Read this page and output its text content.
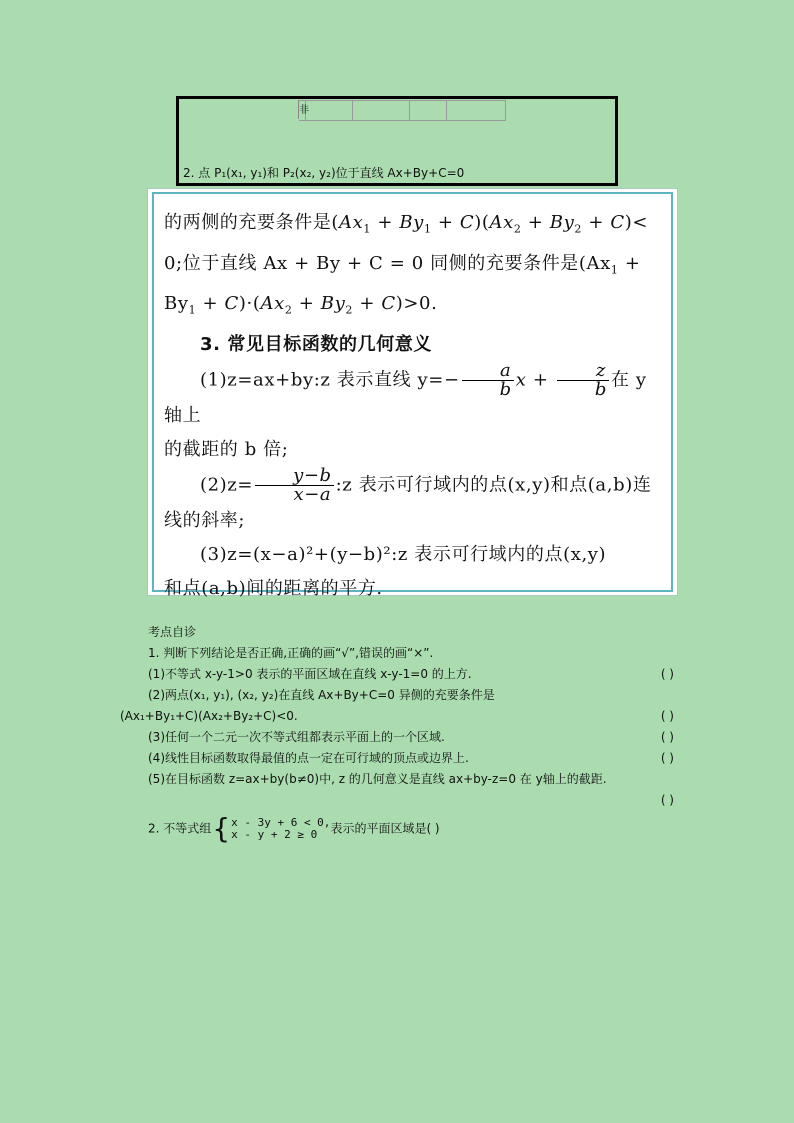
非
2. 点 P₁(x₁, y₁)和 P₂(x₂, y₂)位于直线 Ax+By+C=0

的两侧的充要条件是$(Ax_1 + By_1 + C)(Ax_2 + By_2 + C)< 0$;位于直线 Ax + By + C = 0 同侧的充要条件是$(Ax_1 + By_1 + C)\cdot(Ax_2 + By_2 + C)>0$.

3. 常见目标函数的几何意义

(1)z=ax+by:z 表示直线 $y=- \frac{a}{b}$ $x + \frac{z}{b}$ 在 y 轴上

的截距的 b 倍;

$(2)z= \frac{y-b}{x-a}$ :z 表示可行域内的点(x,y)和点(a,b)连

线的斜率;

(3)z=(x−a)²+(y−b)²:z 表示可行域内的点(x,y)

和点(a,b)间的距离的平方.

考点自诊
1. 判断下列结论是否正确,正确的画“√”,错误的画“×”.
(1)不等式 x-y-1>0 表示的平面区域在直线 x-y-1=0 的上方.	( )
(2)两点(x₁, y₁), (x₂, y₂)在直线 Ax+By+C=0 异侧的充要条件是
(Ax₁+By₁+C)(Ax₂+By₂+C)<0.	( )
(3)任何一个二元一次不等式组都表示平面上的一个区域.	( )
(4)线性目标函数取得最值的点一定在可行域的顶点或边界上.	( )
(5)在目标函数 z=ax+by(b≠0)中, z 的几何意义是直线 ax+by-z=0 在 y轴上的截距.
( )
2. 不等式组 { x - 3y + 6 < 0,
x - y + 2 ≥ 0	表示的平面区域是( )
